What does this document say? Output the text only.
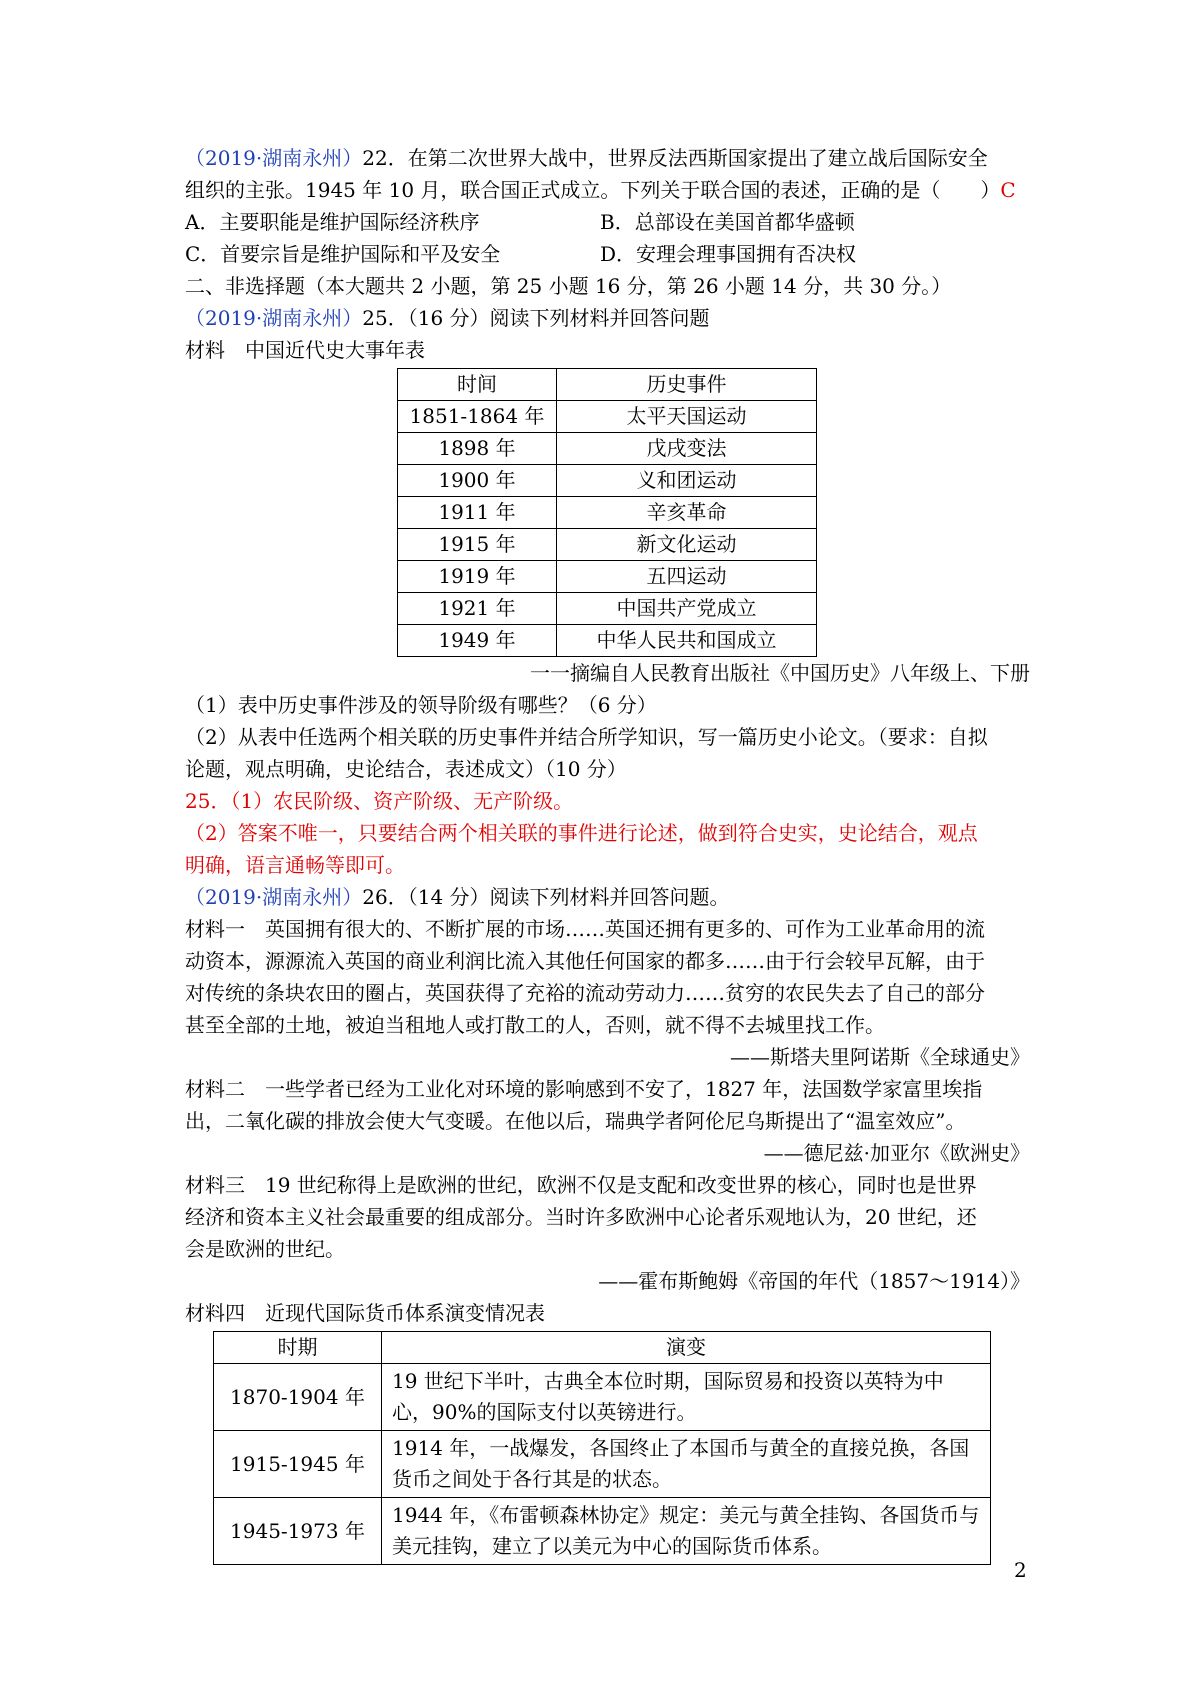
（2019·湖南永州）22．在第二次世界大战中，世界反法西斯国家提出了建立战后国际安全

组织的主张。1945 年 10 月，联合国正式成立。下列关于联合国的表述，正确的是（　　）C

A．主要职能是维护国际经济秩序	B．总部设在美国首都华盛顿
C．首要宗旨是维护国际和平及安全	D．安理会理事国拥有否决权

二、非选择题（本大题共 2 小题，第 25 小题 16 分，第 26 小题 14 分，共 30 分。）

（2019·湖南永州）25．（16 分）阅读下列材料并回答问题

材料　中国近代史大事年表

时间	历史事件
1851-1864 年	太平天国运动
1898 年	戊戌变法
1900 年	义和团运动
1911 年	辛亥革命
1915 年	新文化运动
1919 年	五四运动
1921 年	中国共产党成立
1949 年	中华人民共和国成立

一一摘编自人民教育出版社《中国历史》八年级上、下册

（1）表中历史事件涉及的领导阶级有哪些？（6 分）

（2）从表中任选两个相关联的历史事件并结合所学知识，写一篇历史小论文。（要求：自拟

论题，观点明确，史论结合，表述成文）（10 分）

25．（1）农民阶级、资产阶级、无产阶级。

（2）答案不唯一，只要结合两个相关联的事件进行论述，做到符合史实，史论结合，观点

明确，语言通畅等即可。

（2019·湖南永州）26．（14 分）阅读下列材料并回答问题。

材料一　英国拥有很大的、不断扩展的市场……英国还拥有更多的、可作为工业革命用的流

动资本，源源流入英国的商业利润比流入其他任何国家的都多……由于行会较早瓦解，由于

对传统的条块农田的圈占，英国获得了充裕的流动劳动力……贫穷的农民失去了自己的部分

甚至全部的土地，被迫当租地人或打散工的人，否则，就不得不去城里找工作。

——斯塔夫里阿诺斯《全球通史》

材料二　一些学者已经为工业化对环境的影响感到不安了，1827 年，法国数学家富里埃指

出，二氧化碳的排放会使大气变暖。在他以后，瑞典学者阿伦尼乌斯提出了“温室效应”。

——德尼兹·加亚尔《欧洲史》

材料三　19 世纪称得上是欧洲的世纪，欧洲不仅是支配和改变世界的核心，同时也是世界

经济和资本主义社会最重要的组成部分。当时许多欧洲中心论者乐观地认为，20 世纪，还

会是欧洲的世纪。

——霍布斯鲍姆《帝国的年代（1857～1914）》

材料四　近现代国际货币体系演变情况表

时期	演变
1870-1904 年	19 世纪下半叶，古典全本位时期，国际贸易和投资以英特为中心，90%的国际支付以英镑进行。
1915-1945 年	1914 年，一战爆发，各国终止了本国币与黄全的直接兑换，各国货币之间处于各行其是的状态。
1945-1973 年	1944 年，《布雷顿森林协定》规定：美元与黄全挂钩、各国货币与美元挂钩，建立了以美元为中心的国际货币体系。
2
